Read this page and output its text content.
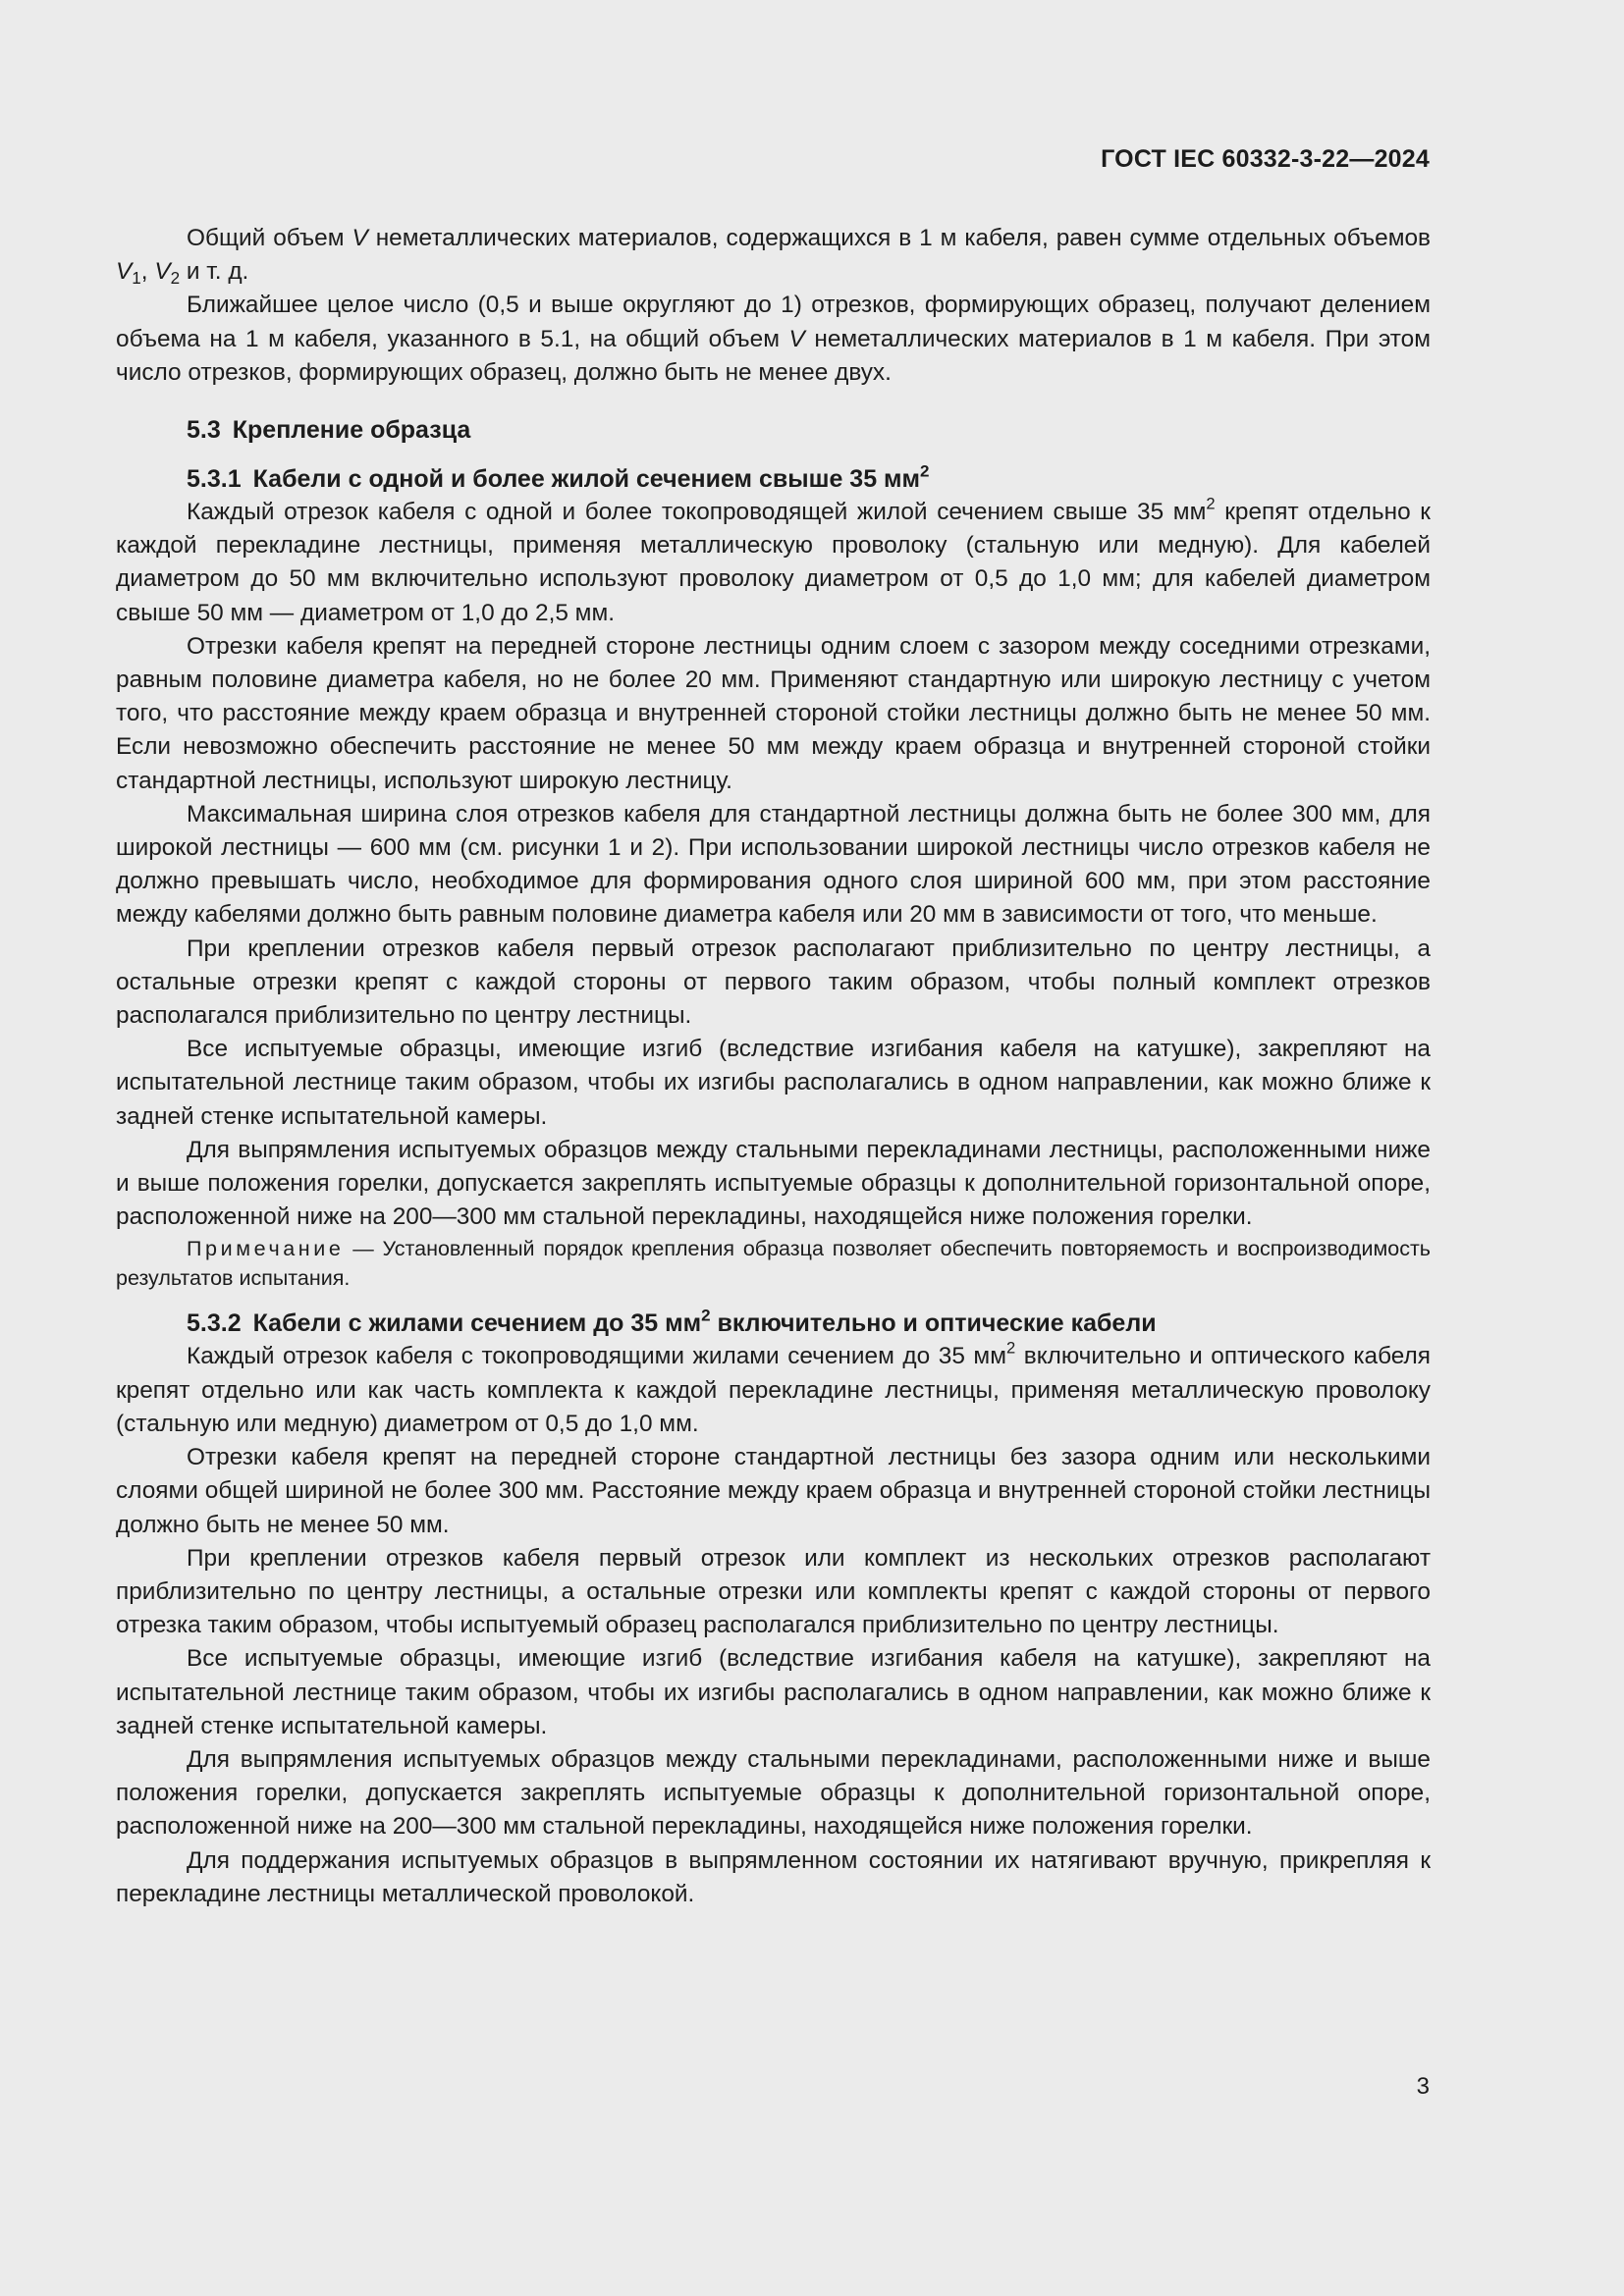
ГОСТ IEC 60332-3-22—2024

Общий объем V неметаллических материалов, содержащихся в 1 м кабеля, равен сумме отдельных объемов $V_1$, $V_2$ и т. д.

Ближайшее целое число (0,5 и выше округляют до 1) отрезков, формирующих образец, получают делением объема на 1 м кабеля, указанного в 5.1, на общий объем V неметаллических материалов в 1 м кабеля. При этом число отрезков, формирующих образец, должно быть не менее двух.

5.3 Крепление образца
5.3.1 Кабели с одной и более жилой сечением свыше 35 $мм^2$

Каждый отрезок кабеля с одной и более токопроводящей жилой сечением свыше 35 $мм^2$ крепят отдельно к каждой перекладине лестницы, применяя металлическую проволоку (стальную или медную). Для кабелей диаметром до 50 мм включительно используют проволоку диаметром от 0,5 до 1,0 мм; для кабелей диаметром свыше 50 мм — диаметром от 1,0 до 2,5 мм.

Отрезки кабеля крепят на передней стороне лестницы одним слоем с зазором между соседними отрезками, равным половине диаметра кабеля, но не более 20 мм. Применяют стандартную или широкую лестницу с учетом того, что расстояние между краем образца и внутренней стороной стойки лестницы должно быть не менее 50 мм. Если невозможно обеспечить расстояние не менее 50 мм между краем образца и внутренней стороной стойки стандартной лестницы, используют широкую лестницу.

Максимальная ширина слоя отрезков кабеля для стандартной лестницы должна быть не более 300 мм, для широкой лестницы — 600 мм (см. рисунки 1 и 2). При использовании широкой лестницы число отрезков кабеля не должно превышать число, необходимое для формирования одного слоя шириной 600 мм, при этом расстояние между кабелями должно быть равным половине диаметра кабеля или 20 мм в зависимости от того, что меньше.

При креплении отрезков кабеля первый отрезок располагают приблизительно по центру лестницы, а остальные отрезки крепят с каждой стороны от первого таким образом, чтобы полный комплект отрезков располагался приблизительно по центру лестницы.

Все испытуемые образцы, имеющие изгиб (вследствие изгибания кабеля на катушке), закрепляют на испытательной лестнице таким образом, чтобы их изгибы располагались в одном направлении, как можно ближе к задней стенке испытательной камеры.

Для выпрямления испытуемых образцов между стальными перекладинами лестницы, расположенными ниже и выше положения горелки, допускается закреплять испытуемые образцы к дополнительной горизонтальной опоре, расположенной ниже на 200—300 мм стальной перекладины, находящейся ниже положения горелки.

Примечание — Установленный порядок крепления образца позволяет обеспечить повторяемость и воспроизводимость результатов испытания.

5.3.2 Кабели с жилами сечением до 35 $мм^2$ включительно и оптические кабели

Каждый отрезок кабеля с токопроводящими жилами сечением до 35 $мм^2$ включительно и оптического кабеля крепят отдельно или как часть комплекта к каждой перекладине лестницы, применяя металлическую проволоку (стальную или медную) диаметром от 0,5 до 1,0 мм.

Отрезки кабеля крепят на передней стороне стандартной лестницы без зазора одним или несколькими слоями общей шириной не более 300 мм. Расстояние между краем образца и внутренней стороной стойки лестницы должно быть не менее 50 мм.

При креплении отрезков кабеля первый отрезок или комплект из нескольких отрезков располагают приблизительно по центру лестницы, а остальные отрезки или комплекты крепят с каждой стороны от первого отрезка таким образом, чтобы испытуемый образец располагался приблизительно по центру лестницы.

Все испытуемые образцы, имеющие изгиб (вследствие изгибания кабеля на катушке), закрепляют на испытательной лестнице таким образом, чтобы их изгибы располагались в одном направлении, как можно ближе к задней стенке испытательной камеры.

Для выпрямления испытуемых образцов между стальными перекладинами, расположенными ниже и выше положения горелки, допускается закреплять испытуемые образцы к дополнительной горизонтальной опоре, расположенной ниже на 200—300 мм стальной перекладины, находящейся ниже положения горелки.

Для поддержания испытуемых образцов в выпрямленном состоянии их натягивают вручную, прикрепляя к перекладине лестницы металлической проволокой.

3
